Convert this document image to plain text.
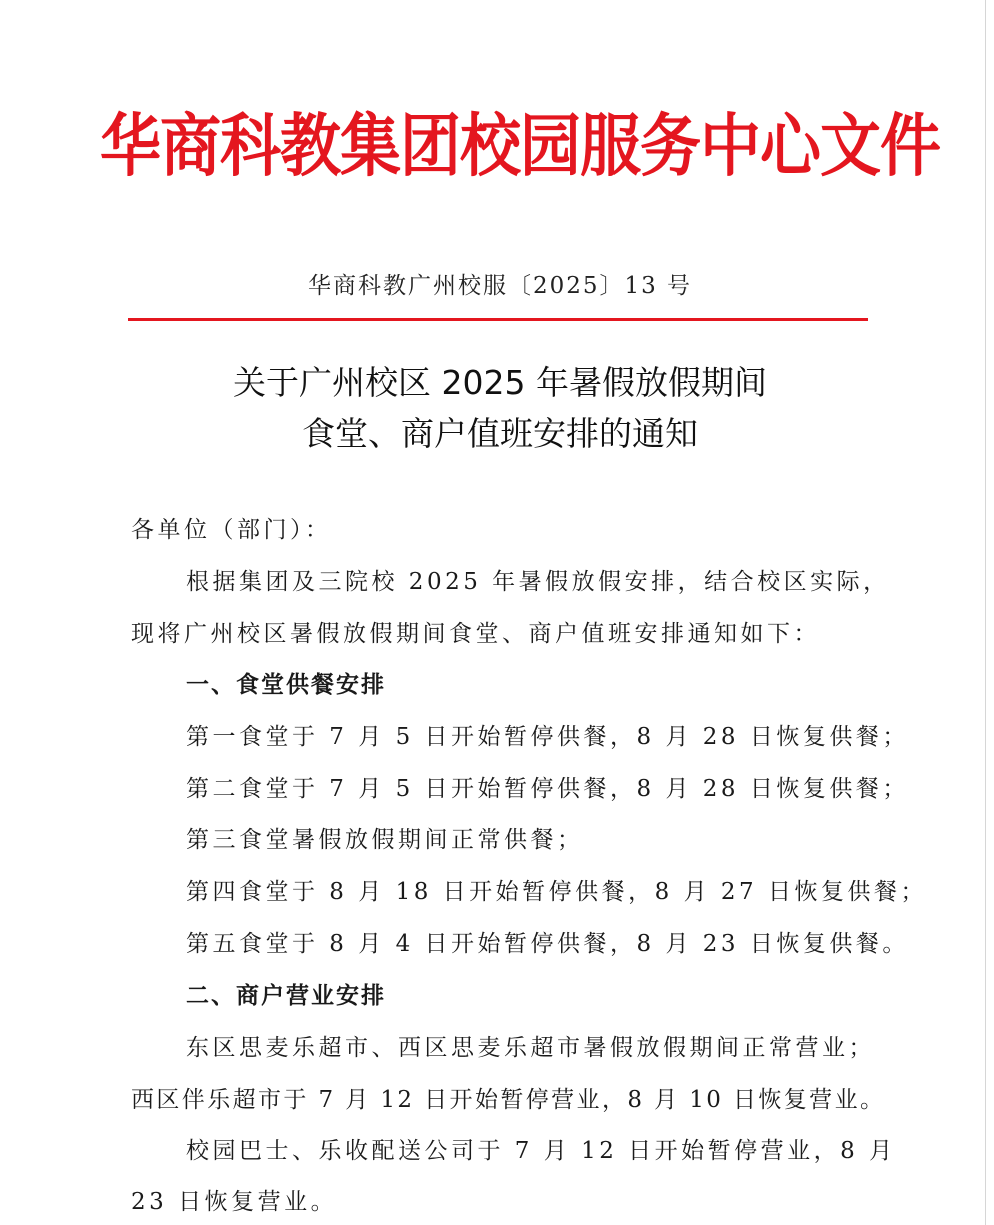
华商科教集团校园服务中心文件
华商科教广州校服〔2025〕13 号
关于广州校区 2025 年暑假放假期间
食堂、商户值班安排的通知
各单位（部门）：
根据集团及三院校 2025 年暑假放假安排，结合校区实际，
现将广州校区暑假放假期间食堂、商户值班安排通知如下：
一、食堂供餐安排
第一食堂于 7 月 5 日开始暂停供餐，8 月 28 日恢复供餐；
第二食堂于 7 月 5 日开始暂停供餐，8 月 28 日恢复供餐；
第三食堂暑假放假期间正常供餐；
第四食堂于 8 月 18 日开始暂停供餐，8 月 27 日恢复供餐；
第五食堂于 8 月 4 日开始暂停供餐，8 月 23 日恢复供餐。
二、商户营业安排
东区思麦乐超市、西区思麦乐超市暑假放假期间正常营业；
西区伴乐超市于 7 月 12 日开始暂停营业，8 月 10 日恢复营业。
校园巴士、乐收配送公司于 7 月 12 日开始暂停营业，8 月
23 日恢复营业。
